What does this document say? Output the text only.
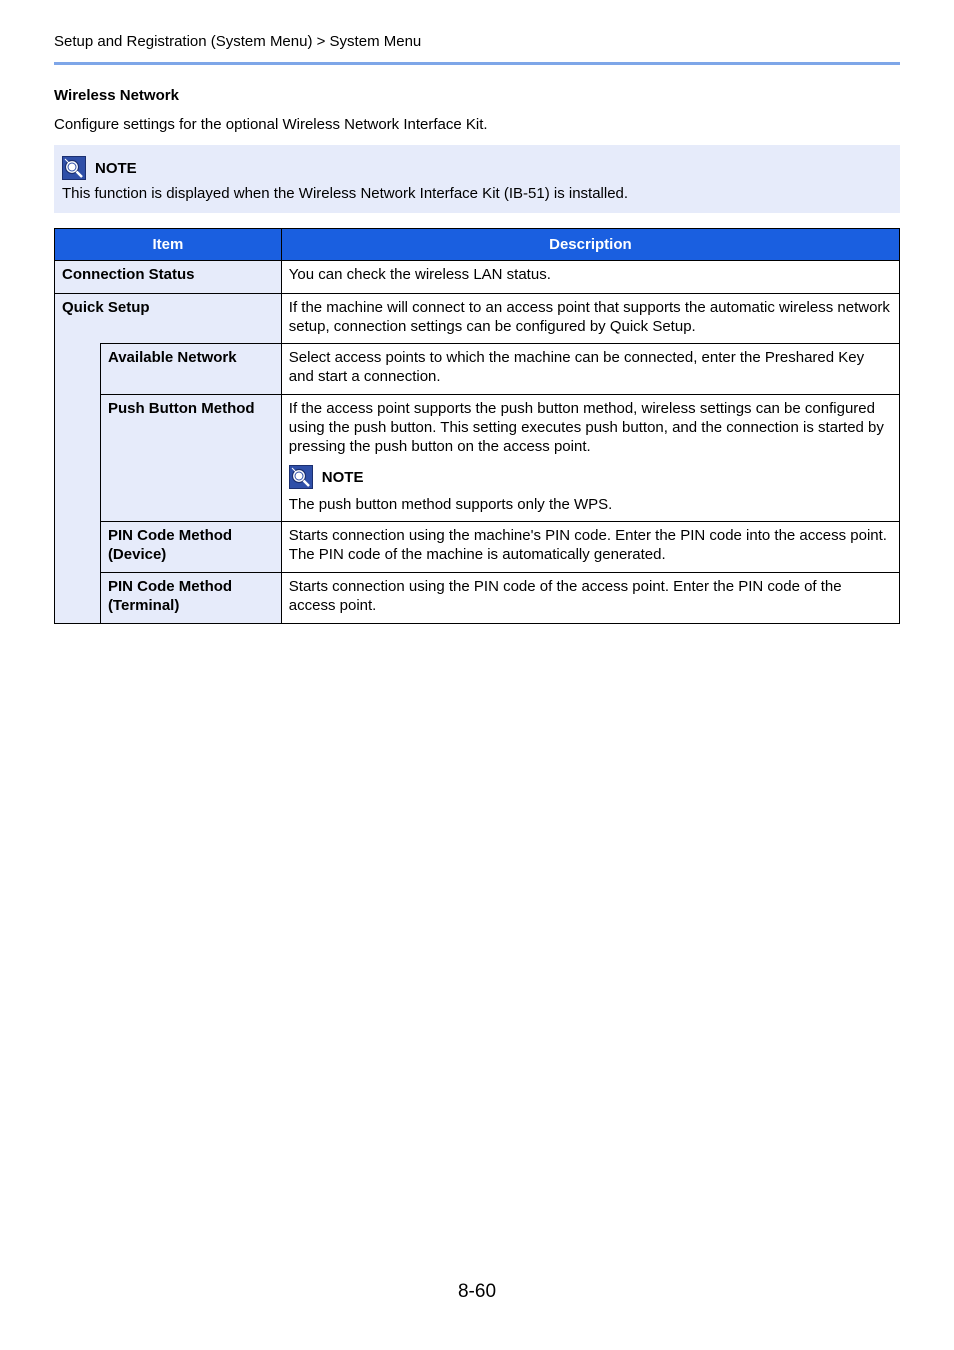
Setup and Registration (System Menu) > System Menu
Wireless Network
Configure settings for the optional Wireless Network Interface Kit.
NOTE
This function is displayed when the Wireless Network Interface Kit (IB-51) is installed.
Item		Description
Connection Status		You can check the wireless LAN status.
Quick Setup		If the machine will connect to an access point that supports the automatic wireless network setup, connection settings can be configured by Quick Setup.
	Available Network	Select access points to which the machine can be connected, enter the Preshared Key and start a connection.
	Push Button Method	If the access point supports the push button method, wireless settings can be configured using the push button. This setting executes push button, and the connection is started by pressing the push button on the access point.
NOTE
The push button method supports only the WPS.

	PIN Code Method (Device)	Starts connection using the machine's PIN code. Enter the PIN code into the access point. The PIN code of the machine is automatically generated.
	PIN Code Method (Terminal)	Starts connection using the PIN code of the access point. Enter the PIN code of the access point.
8-60
